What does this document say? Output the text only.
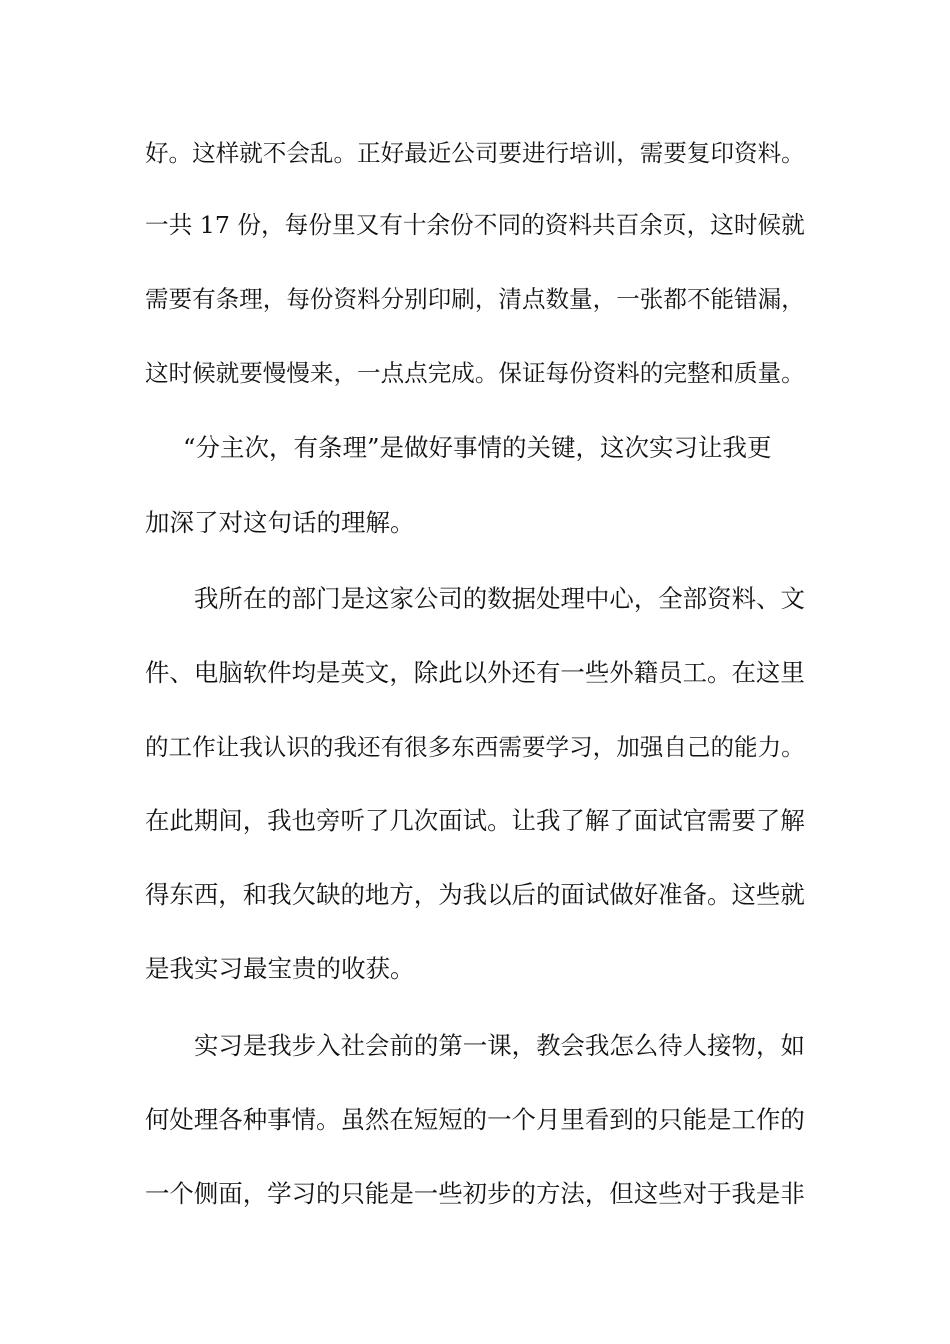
好。这样就不会乱。正好最近公司要进行培训，需要复印资料。
一共 17 份，每份里又有十余份不同的资料共百余页，这时候就
需要有条理，每份资料分别印刷，清点数量，一张都不能错漏，
这时候就要慢慢来，一点点完成。保证每份资料的完整和质量。
“分主次，有条理”是做好事情的关键，这次实习让我更
加深了对这句话的理解。
我所在的部门是这家公司的数据处理中心，全部资料、文
件、电脑软件均是英文，除此以外还有一些外籍员工。在这里
的工作让我认识的我还有很多东西需要学习，加强自己的能力。
在此期间，我也旁听了几次面试。让我了解了面试官需要了解
得东西，和我欠缺的地方，为我以后的面试做好准备。这些就
是我实习最宝贵的收获。
实习是我步入社会前的第一课，教会我怎么待人接物，如
何处理各种事情。虽然在短短的一个月里看到的只能是工作的
一个侧面，学习的只能是一些初步的方法，但这些对于我是非
